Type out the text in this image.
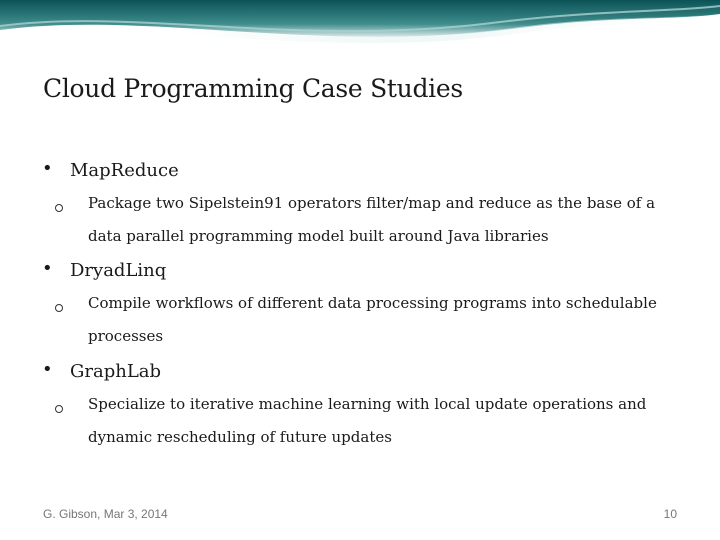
Cloud Programming Case Studies
• MapReduce
Package two Sipelstein91 operators filter/map and reduce as the base of a data parallel programming model built around Java libraries
• DryadLinq
Compile workflows of different data processing programs into schedulable processes
• GraphLab
Specialize to iterative machine learning with local update operations and dynamic rescheduling of future updates
G. Gibson, Mar 3, 2014	10
